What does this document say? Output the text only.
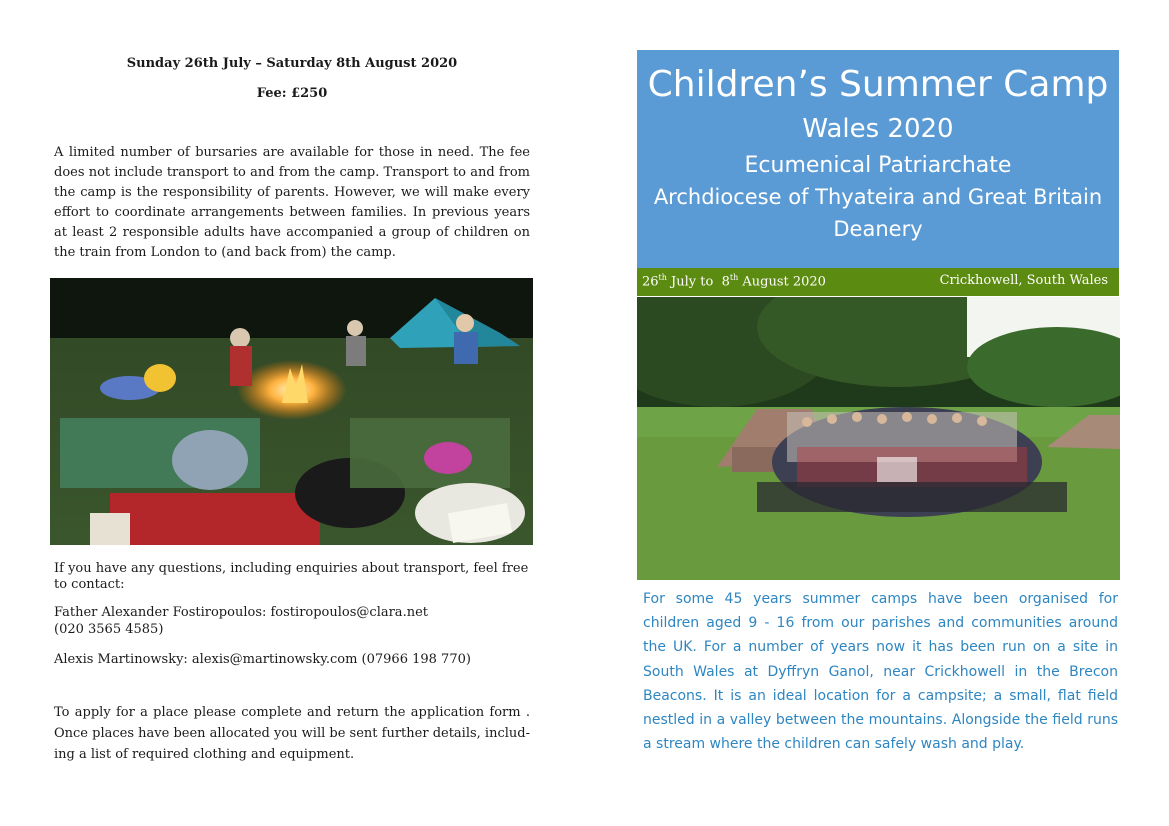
Sunday 26th July – Saturday 8th August 2020
Fee: £250

A limited number of bursaries are available for those in need. The fee does not include transport to and from the camp. Transport to and from the camp is the responsibility of parents. However, we will make every effort to coordinate arrangements between families. In previous years at least 2 responsible adults have accompanied a group of children on the train from London to (and back from) the camp.

If you have any questions, including enquiries about transport, feel free to contact:

Father Alexander Fostiropoulos: fostiropoulos@clara.net
(020 3565 4585)

Alexis Martinowsky: alexis@martinowsky.com (07966 198 770)

To apply for a place please complete and return the application form . Once places have been allocated you will be sent further details, includ-ing a list of required clothing and equipment.

Children’s Summer Camp
Wales 2020
Ecumenical Patriarchate
Archdiocese of Thyateira and Great Britain
Deanery
26th July to  8th August 2020	Crickhowell, South Wales

For some 45 years summer camps have been organised for children aged 9 - 16 from our parishes and communities around the UK. For a number of years now it has been run on a site in South Wales at Dyffryn Ganol, near Crickhowell in the Brecon Beacons. It is an ideal location for a campsite; a small, flat field nestled in a valley between the mountains. Alongside the field runs a stream where the children can safely wash and play.
